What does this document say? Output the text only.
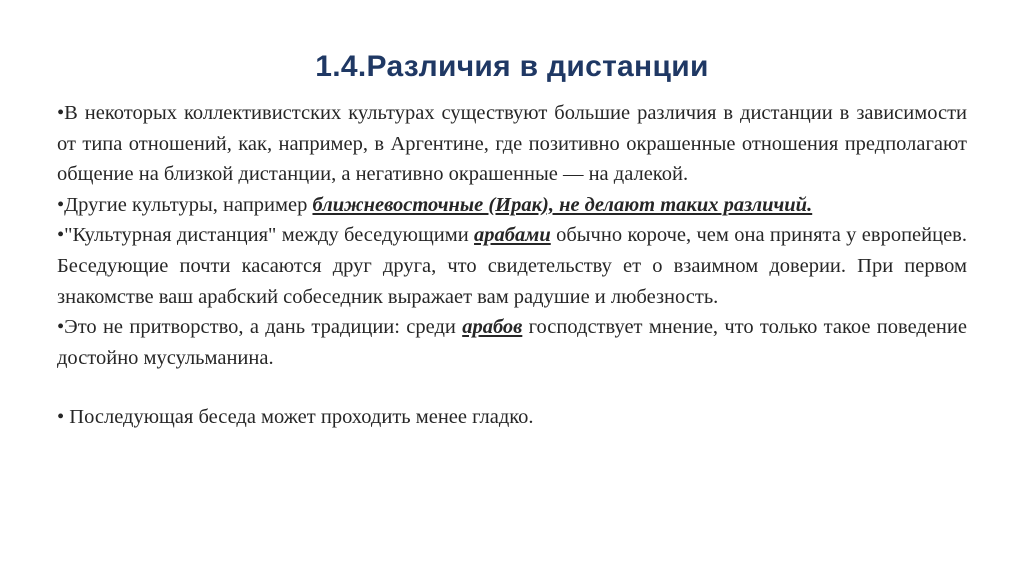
1.4.Различия в дистанции

•В некоторых коллективистских культурах существуют большие различия в дистанции в зависимости от типа отношений, как, например, в Аргентине, где позитивно окрашенные отношения предполагают общение на близкой дистанции, а негативно окрашенные — на далекой.

•Другие культуры, например ближневосточные (Ирак), не делают таких различий.

•"Культурная дистанция" между беседующими арабами обычно короче, чем она принята у европейцев. Беседующие почти касаются друг друга, что свидетельству ет о взаимном доверии. При первом знакомстве ваш арабский собеседник выражает вам радушие и любезность.

•Это не притворство, а дань традиции: среди арабов господствует мнение, что только такое поведение достойно мусульманина.

• Последующая беседа может проходить менее гладко.
